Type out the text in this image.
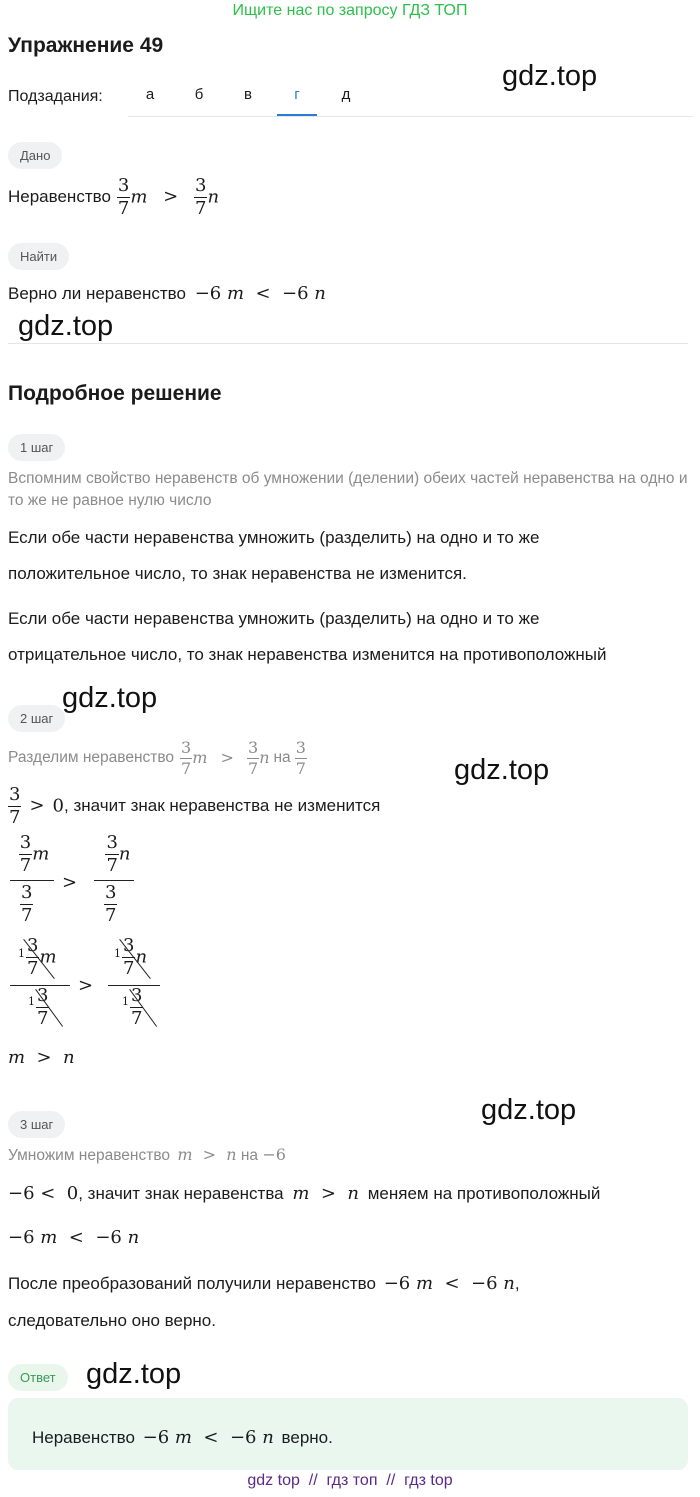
Ищите нас по запросу ГДЗ ТОП
Упражнение 49
gdz.top
gdz.top
gdz.top
gdz.top
gdz.top
gdz.top
Подзадания:	а	б	в	г	д
Дано
Неравенство $\frac{3}{7}$ $m > \frac{3}{7}$ n
Найти
Верно ли неравенство −6 m  <  −6 n
Подробное решение
1 шаг
Вспомним свойство неравенств об умножении (делении) обеих частей неравенства на одно и то же не равное нулю число
Если обе части неравенства умножить (разделить) на одно и то же
положительное число, то знак неравенства не изменится.
Если обе части неравенства умножить (разделить) на одно и то же
отрицательное число, то знак неравенства изменится на противоположный
2 шаг
Разделим неравенство $\frac{3}{7}$ $m > \frac{3}{7}$ n на $\frac{3}{7}$
$\frac{3}{7} > 0$ , значит знак неравенства не изменится
$\frac{3}{7}$ m
$\frac{3}{7}$
>
$\frac{3}{7}$ n
$\frac{3}{7}$
$1 \frac{3}{7}$ m
$1 \frac{3}{7}$
>
$1 \frac{3}{7}$ n
$1 \frac{3}{7}$
m  >  n
3 шаг
Умножим неравенство m  >  n на −6
−6 <  0, значит знак неравенства m  >  n меняем на противоположный
−6 m  <  −6 n
После преобразований получили неравенство −6 m  <  −6 n,
следовательно оно верно.
Ответ
Неравенство −6 m  <  −6 n верно.
gdz top  //  гдз топ  //  гдз top
